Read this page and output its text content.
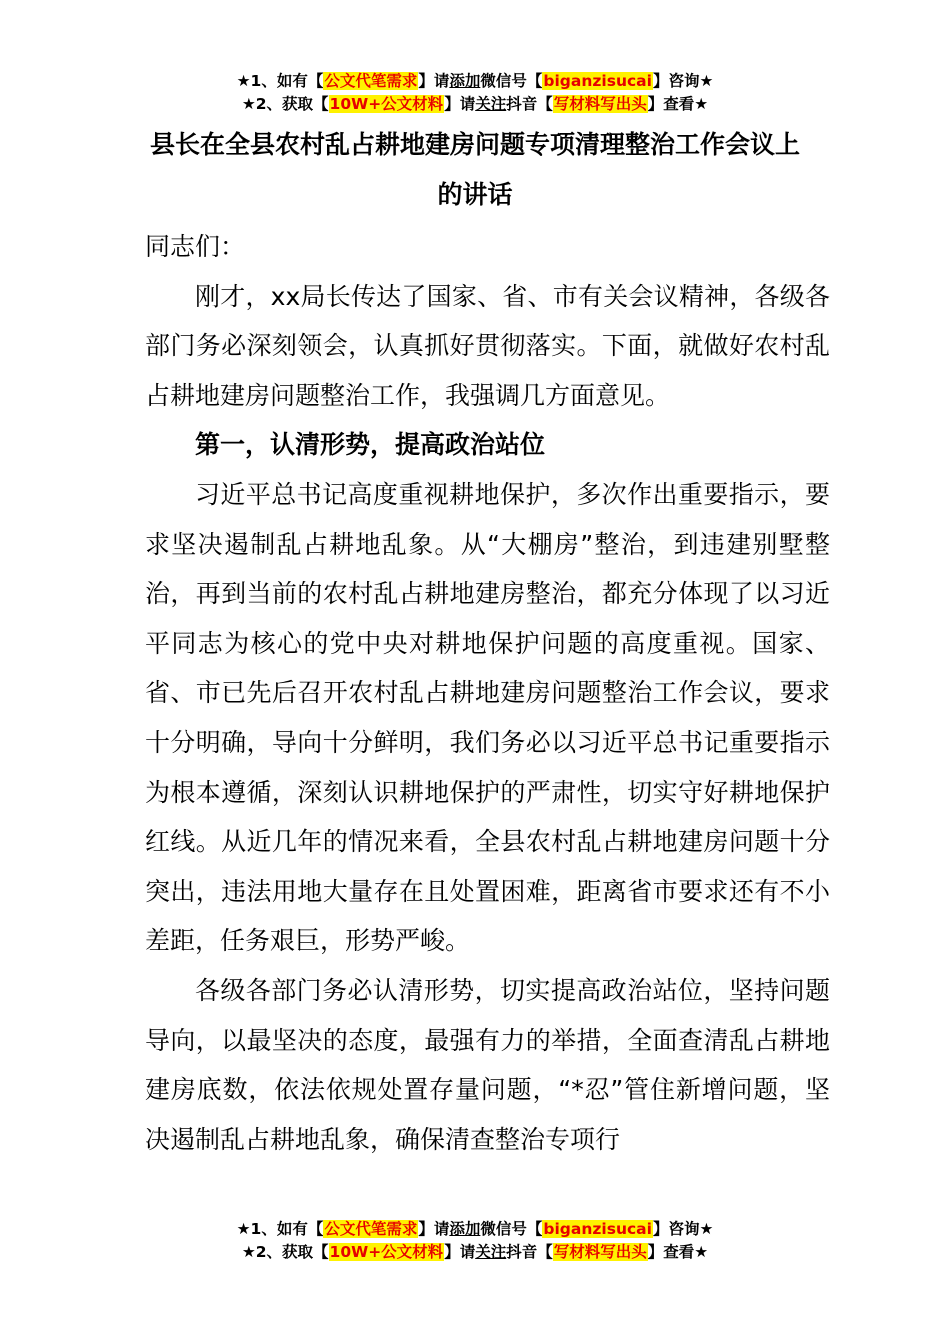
★1、如有【公文代笔需求】请添加微信号【biganzisucai】咨询★
★2、获取【10W+公文材料】请关注抖音【写材料写出头】查看★
县长在全县农村乱占耕地建房问题专项清理整治工作会议上的讲话

同志们：

刚才，xx局长传达了国家、省、市有关会议精神，各级各部门务必深刻领会，认真抓好贯彻落实。下面，就做好农村乱占耕地建房问题整治工作，我强调几方面意见。

第一，认清形势，提高政治站位

习近平总书记高度重视耕地保护，多次作出重要指示，要求坚决遏制乱占耕地乱象。从“大棚房”整治，到违建别墅整治，再到当前的农村乱占耕地建房整治，都充分体现了以习近平同志为核心的党中央对耕地保护问题的高度重视。国家、省、市已先后召开农村乱占耕地建房问题整治工作会议，要求十分明确，导向十分鲜明，我们务必以习近平总书记重要指示为根本遵循，深刻认识耕地保护的严肃性，切实守好耕地保护红线。从近几年的情况来看，全县农村乱占耕地建房问题十分突出，违法用地大量存在且处置困难，距离省市要求还有不小差距，任务艰巨，形势严峻。

各级各部门务必认清形势，切实提高政治站位，坚持问题导向，以最坚决的态度，最强有力的举措，全面查清乱占耕地建房底数，依法依规处置存量问题，“*忍”管住新增问题，坚决遏制乱占耕地乱象，确保清查整治专项行

★1、如有【公文代笔需求】请添加微信号【biganzisucai】咨询★
★2、获取【10W+公文材料】请关注抖音【写材料写出头】查看★
